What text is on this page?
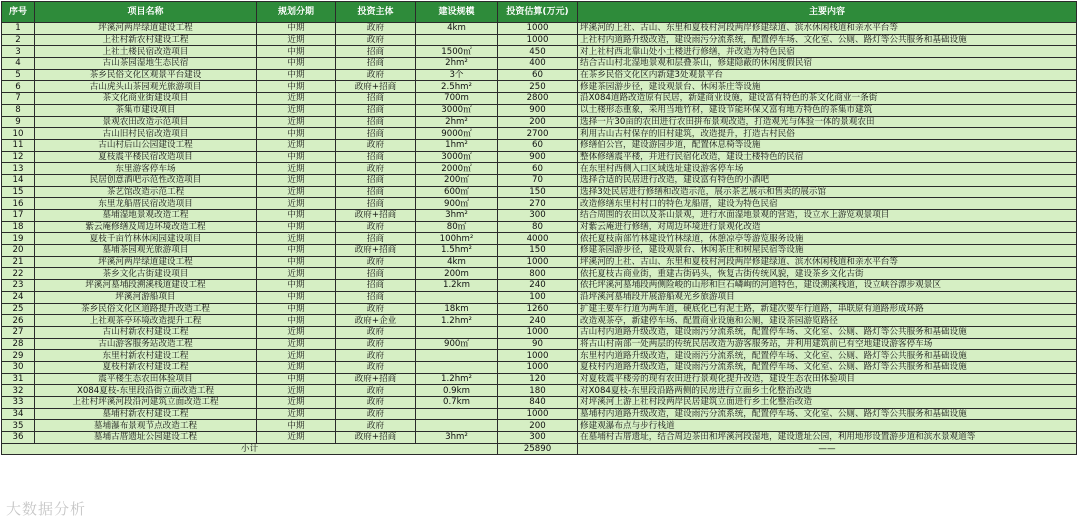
序号	项目名称	规划分期	投资主体	建设规模	投资估算(万元)	主要内容
1	坪溪河两岸绿道建设工程	中期	政府	4km	1000	坪溪河的上社、古山、东里和夏枝村河段两岸修建绿道、滨水休闲栈道和亲水平台等
2	上社村新农村建设工程	近期	政府		1000	上社村内道路升级改造，建设雨污分流系统，配置停车场、文化室、公厕、路灯等公共服务和基础设施
3	上社土楼民宿改造项目	中期	招商	1500㎡	450	对上社村西北靠山处小土楼进行修缮，并改造为特色民宿
4	古山茶园湿地生态民宿	中期	招商	2hm²	400	结合古山村北湿地景观和层叠茶山，修建隐蔽的休闲度假民宿
5	茶乡民俗文化区观景平台建设	中期	政府	3个	60	在茶乡民俗文化区内新建3处观景平台
6	古山虎头山茶园观光旅游项目	中期	政府+招商	2.5hm²	250	修建茶园游步径，建设观景台、休闲茶庄等设施
7	茶文化商业街建设项目	近期	招商	700m	2800	沿X084道路改造原有民居，新建商业设施，建设富有特色的茶文化商业一条街
8	茶集市建设项目	近期	招商	3000㎡	900	以土楼形态重象，采用当地竹材，建设节能环保又富有地方特色的茶集市建筑
9	景观农田改造示范项目	近期	招商	2hm²	200	选择一片30亩的农田进行农田拼布景观改造，打造观光与体验一体的景观农田
10	古山旧村民宿改造项目	中期	招商	9000㎡	2700	利用古山古村保存的旧村建筑，改造提升，打造古村民俗
11	古山村后山公园建设工程	近期	政府	1hm²	60	修缮伯公宫，建设游园步道，配置休息椅等设施
12	夏枝震平楼民宿改造项目	中期	招商	3000㎡	900	整体修缮震平楼，并进行民宿化改造，建设土楼特色的民宿
13	东里游客停车场	近期	政府	2000㎡	60	在东里村西侧入口区域选址建设游客停车场
14	民居创意酒吧示范性改造项目	近期	招商	200㎡	70	选择合适的民居进行改造，建设富有特色的小酒吧
15	茶艺馆改造示范工程	近期	招商	600㎡	150	选择3处民居进行修缮和改造示范，展示茶艺展示和售卖的展示馆
16	东里龙船厝民宿改造项目	近期	招商	900㎡	270	改造修缮东里村村口的特色龙船厝，建设为特色民宿
17	墓埔湿地景观改造工程	中期	政府+招商	3hm²	300	结合周围的农田以及茶山景观，进行水面湿地景观的营造，设立水上游览观景项目
18	紫云庵修缮及周边环境改造工程	中期	政府	80㎡	80	对紫云庵进行修缮，对周边环境进行景观化改造
19	夏枝千亩竹林休闲园建设项目	近期	招商	100hm²	4000	依托夏枝南部竹林建设竹林绿道，休憩凉亭等游览服务设施
20	墓埔茶园观光旅游项目	中期	政府+招商	1.5hm²	150	修建茶园游步径，建设观景台、休闲茶庄和树屋民宿等设施
21	坪溪河两岸绿道建设工程	中期	政府	4km	1000	坪溪河的上社、古山、东里和夏枝村河段两岸修建绿道、滨水休闲栈道和亲水平台等
22	茶乡文化古街建设项目	近期	招商	200m	800	依托夏枝古商业街，重建古街码头，恢复古街传统风貌，建设茶乡文化古街
23	坪溪河墓埔段溯溪栈道建设工程	中期	招商	1.2km	240	依托坪溪河墓埔段两侧险峻的山形和巨石嶙峋的河道特色，建设溯溪栈道，设立峡谷漂步观景区
24	坪溪河游船项目	中期	招商		100	沿坪溪河墓埔段开展游船观光乡旅游项目
25	茶乡民俗文化区道路提升改造工程	中期	政府	18km	1260	扩建主要车行道为两车道，硬底化已有泥土路，新建次要车行道路，串联原有道路形成环路
26	上社观茶亭环境改造提升工程	中期	政府+企业	1.2hm²	240	改造观茶亭，新建停车场、配置商业设施和公厕，建设茶园游览路径
27	古山村新农村建设工程	近期	政府		1000	古山村内道路升级改造，建设雨污分流系统，配置停车场、文化室、公厕、路灯等公共服务和基础设施
28	古山游客服务站改造工程	近期	政府	900㎡	90	将古山村南部一处两层的传统民居改造为游客服务站，并利用建筑前已有空地建设游客停车场
29	东里村新农村建设工程	近期	政府		1000	东里村内道路升级改造，建设雨污分流系统，配置停车场、文化室、公厕、路灯等公共服务和基础设施
30	夏枝村新农村建设工程	近期	政府		1000	夏枝村内道路升级改造，建设雨污分流系统，配置停车场、文化室、公厕、路灯等公共服务和基础设施
31	震平楼生态农田体验项目	中期	政府+招商	1.2hm²	120	对夏枝震平楼旁的现有农田进行景观化提升改造，建设生态农田体验项目
32	X084夏枝-东里段沿街立面改造工程	近期	政府	0.9km	180	对X084夏枝-东里段沿路两侧的民房进行立面乡土化整治改造
33	上社村坪溪河段沿河建筑立面改造工程	近期	政府	0.7km	840	对坪溪河上游上社村段两岸民居建筑立面进行乡土化整治改造
34	墓埔村新农村建设工程	近期	政府		1000	墓埔村内道路升级改造，建设雨污分流系统，配置停车场、文化室、公厕、路灯等公共服务和基础设施
35	墓埔瀑布景观节点改造工程	中期	政府		200	修建观瀑布点与步行栈道
36	墓埔古厝遗址公园建设工程	近期	政府+招商	3hm²	300	在墓埔村古厝遗址，结合周边茶田和坪溪河段湿地，建设遗址公园，利用地形设置游步道和滨水景观道等
小计					25890	——
大数据分析
